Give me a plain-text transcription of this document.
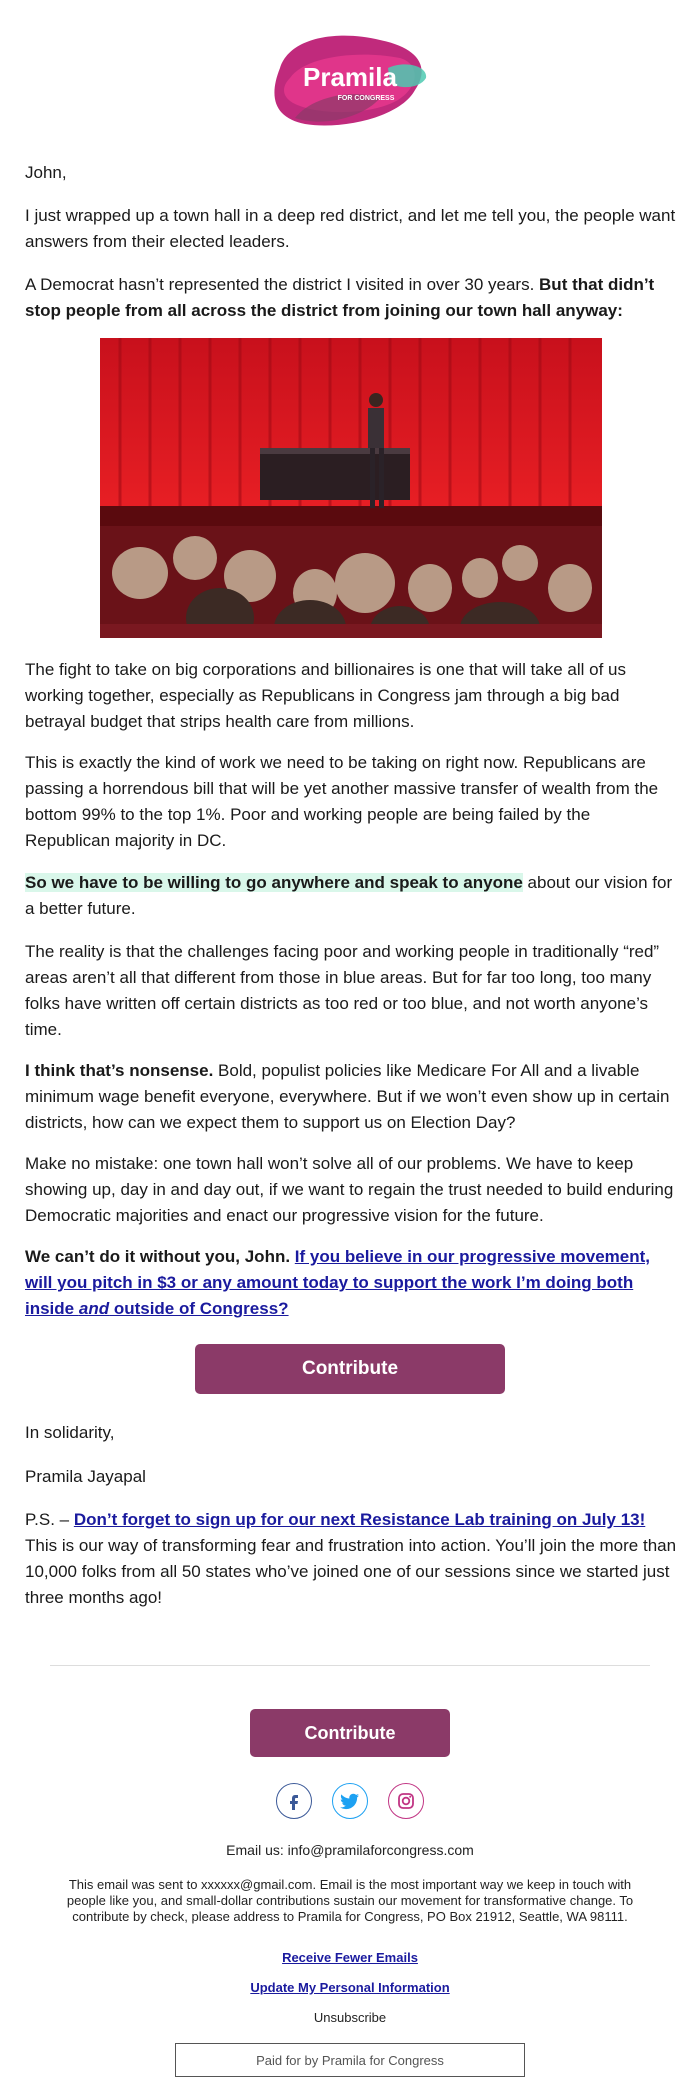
Pramila
FOR CONGRESS

John,

I just wrapped up a town hall in a deep red district, and let me tell you, the people want answers from their elected leaders.

A Democrat hasn’t represented the district I visited in over 30 years. But that didn’t stop people from all across the district from joining our town hall anyway:

The fight to take on big corporations and billionaires is one that will take all of us working together, especially as Republicans in Congress jam through a big bad betrayal budget that strips health care from millions.

This is exactly the kind of work we need to be taking on right now. Republicans are passing a horrendous bill that will be yet another massive transfer of wealth from the bottom 99% to the top 1%. Poor and working people are being failed by the Republican majority in DC.

So we have to be willing to go anywhere and speak to anyone about our vision for a better future.

The reality is that the challenges facing poor and working people in traditionally “red” areas aren’t all that different from those in blue areas. But for far too long, too many folks have written off certain districts as too red or too blue, and not worth anyone’s time.

I think that’s nonsense. Bold, populist policies like Medicare For All and a livable minimum wage benefit everyone, everywhere. But if we won’t even show up in certain districts, how can we expect them to support us on Election Day?

Make no mistake: one town hall won’t solve all of our problems. We have to keep showing up, day in and day out, if we want to regain the trust needed to build enduring Democratic majorities and enact our progressive vision for the future.

We can’t do it without you, John. If you believe in our progressive movement, will you pitch in $3 or any amount today to support the work I’m doing both inside and outside of Congress?

Contribute

In solidarity,

Pramila Jayapal

P.S. – Don’t forget to sign up for our next Resistance Lab training on July 13! This is our way of transforming fear and frustration into action. You’ll join the more than 10,000 folks from all 50 states who’ve joined one of our sessions since we started just three months ago!

Contribute
Email us: info@pramilaforcongress.com
This email was sent to xxxxxx@gmail.com. Email is the most important way we keep in touch with people like you, and small-dollar contributions sustain our movement for transformative change. To contribute by check, please address to Pramila for Congress, PO Box 21912, Seattle, WA 98111.
Receive Fewer Emails
Update My Personal Information
Unsubscribe
Paid for by Pramila for Congress
